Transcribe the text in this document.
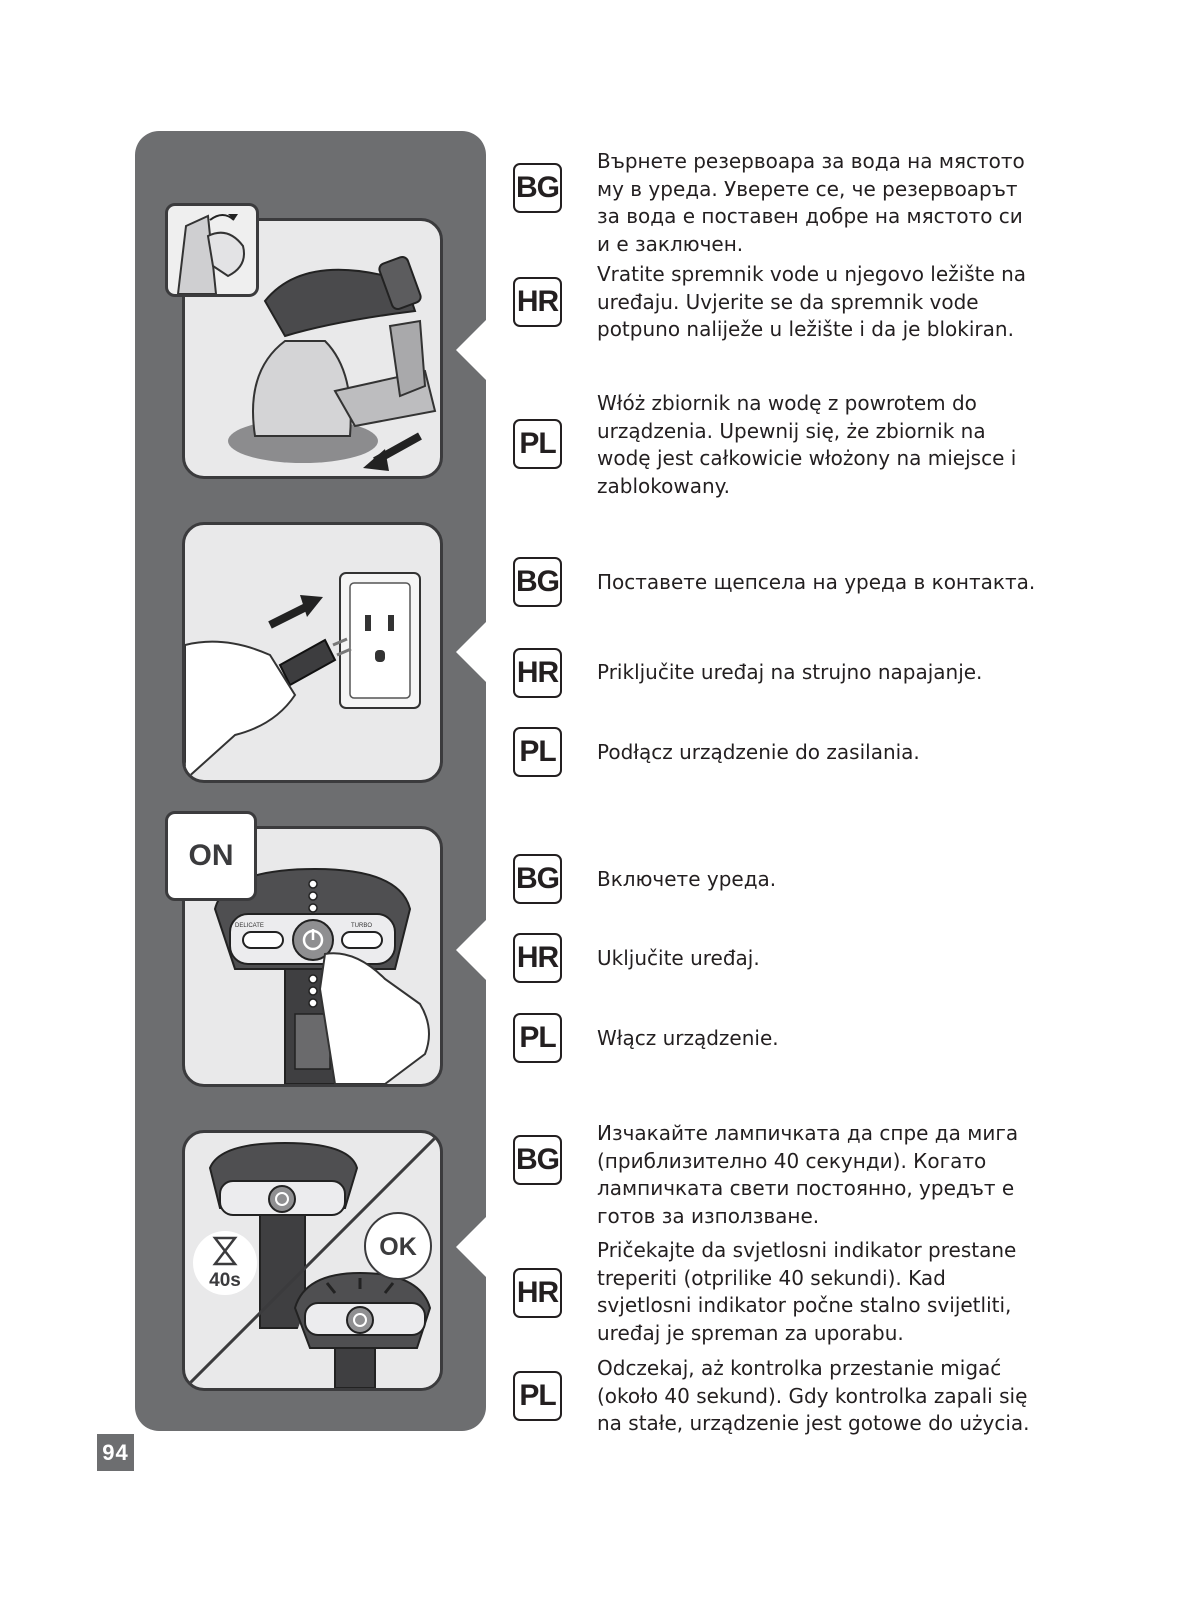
DELICATE	TURBO
ON
40s
OK
BG
Върнете резервоара за вода на мястото му в уреда. Уверете се, че резервоарът за вода е поставен добре на мястото си и е заключен.
HR
Vratite spremnik vode u njegovo ležište na uređaju. Uvjerite se da spremnik vode potpuno naliježe u ležište i da je blokiran.
PL
Włóż zbiornik na wodę z powrotem do urządzenia. Upewnij się, że zbiornik na wodę jest całkowicie włożony na miejsce i zablokowany.
BG Поставете щепсела на уреда в контакта.
HR Priključite uređaj na strujno napajanje.
PL Podłącz urządzenie do zasilania.
BG Включете уреда.
HR Uključite uređaj.
PL Włącz urządzenie.
BG
Изчакайте лампичката да спре да мига (приблизително 40 секунди). Когато лампичката свети постоянно, уредът е готов за използване.
HR
Pričekajte da svjetlosni indikator prestane treperiti (otprilike 40 sekundi). Kad svjetlosni indikator počne stalno svijetliti, uređaj je spreman za uporabu.
PL
Odczekaj, aż kontrolka przestanie migać (około 40 sekund). Gdy kontrolka zapali się na stałe, urządzenie jest gotowe do użycia.
94
